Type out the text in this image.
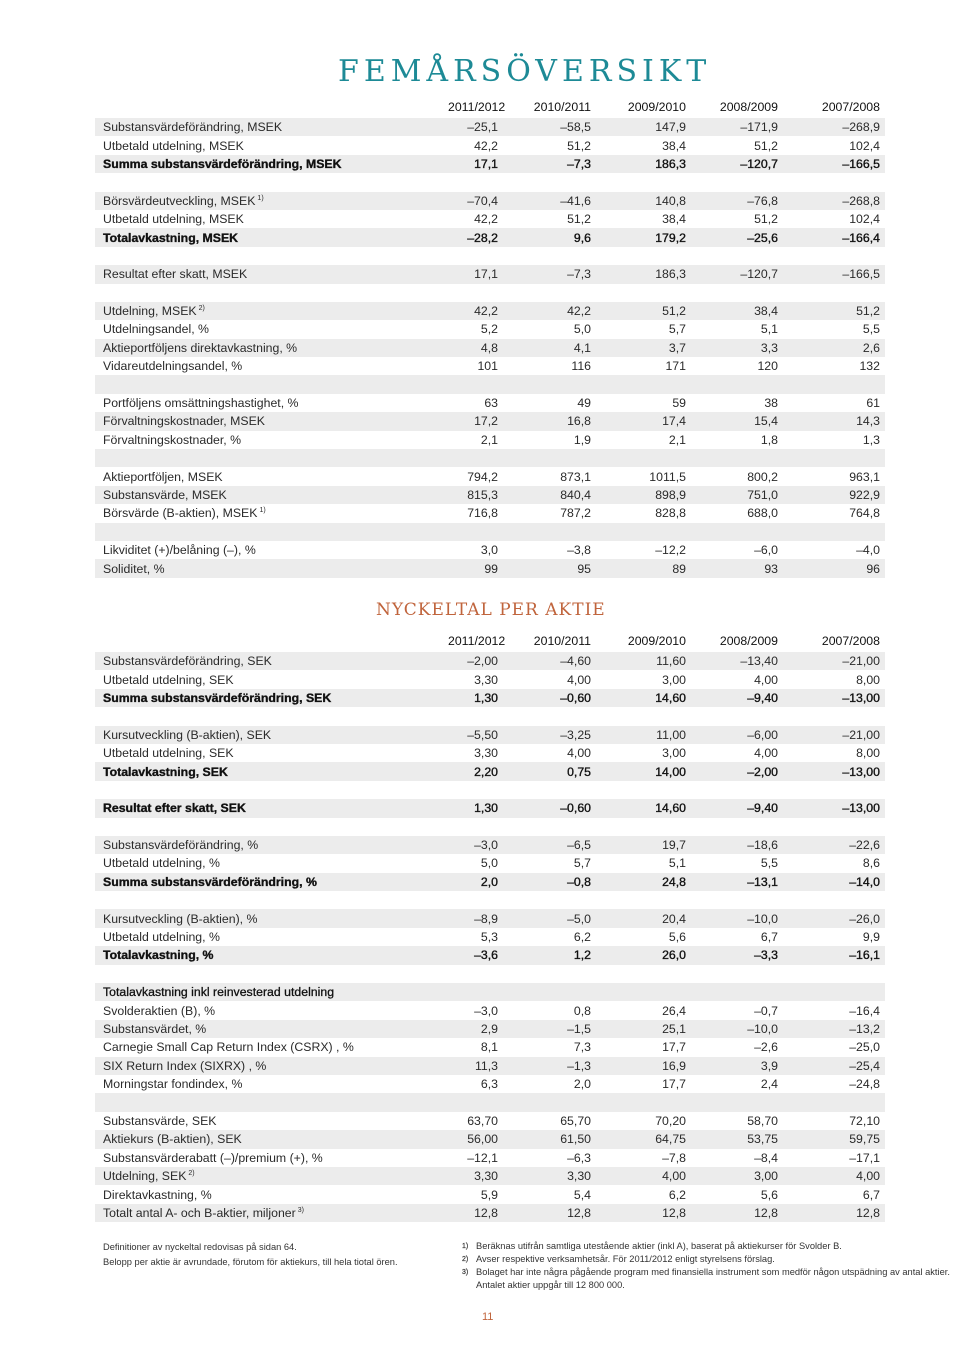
FEMÅRSÖVERSIKT
2011/2012	2010/2011	2009/2010	2008/2009	2007/2008
Substansvärdeförändring, MSEK	–25,1	–58,5	147,9	–171,9	–268,9
Utbetald utdelning, MSEK	42,2	51,2	38,4	51,2	102,4
Summa substansvärdeförändring, MSEK	17,1	–7,3	186,3	–120,7	–166,5
Börsvärdeutveckling, MSEK $^{1)}$	–70,4	–41,6	140,8	–76,8	–268,8
Utbetald utdelning, MSEK	42,2	51,2	38,4	51,2	102,4
Totalavkastning, MSEK	–28,2	9,6	179,2	–25,6	–166,4
Resultat efter skatt, MSEK	17,1	–7,3	186,3	–120,7	–166,5
Utdelning, MSEK $^{2)}$	42,2	42,2	51,2	38,4	51,2
Utdelningsandel, %	5,2	5,0	5,7	5,1	5,5
Aktieportföljens direktavkastning, %	4,8	4,1	3,7	3,3	2,6
Vidareutdelningsandel, %	101	116	171	120	132
Portföljens omsättningshastighet, %	63	49	59	38	61
Förvaltningskostnader, MSEK	17,2	16,8	17,4	15,4	14,3
Förvaltningskostnader, %	2,1	1,9	2,1	1,8	1,3
Aktieportföljen, MSEK	794,2	873,1	1011,5	800,2	963,1
Substansvärde, MSEK	815,3	840,4	898,9	751,0	922,9
Börsvärde (B-aktien), MSEK $^{1)}$	716,8	787,2	828,8	688,0	764,8
Likviditet (+)/belåning (–), %	3,0	–3,8	–12,2	–6,0	–4,0
Soliditet, %	99	95	89	93	96
NYCKELTAL PER AKTIE
2011/2012	2010/2011	2009/2010	2008/2009	2007/2008
Substansvärdeförändring, SEK	–2,00	–4,60	11,60	–13,40	–21,00
Utbetald utdelning, SEK	3,30	4,00	3,00	4,00	8,00
Summa substansvärdeförändring, SEK	1,30	–0,60	14,60	–9,40	–13,00
Kursutveckling (B-aktien), SEK	–5,50	–3,25	11,00	–6,00	–21,00
Utbetald utdelning, SEK	3,30	4,00	3,00	4,00	8,00
Totalavkastning, SEK	2,20	0,75	14,00	–2,00	–13,00
Resultat efter skatt, SEK	1,30	–0,60	14,60	–9,40	–13,00
Substansvärdeförändring, %	–3,0	–6,5	19,7	–18,6	–22,6
Utbetald utdelning, %	5,0	5,7	5,1	5,5	8,6
Summa substansvärdeförändring, %	2,0	–0,8	24,8	–13,1	–14,0
Kursutveckling (B-aktien), %	–8,9	–5,0	20,4	–10,0	–26,0
Utbetald utdelning, %	5,3	6,2	5,6	6,7	9,9
Totalavkastning, %	–3,6	1,2	26,0	–3,3	–16,1
Totalavkastning inkl reinvesterad utdelning
Svolderaktien (B), %	–3,0	0,8	26,4	–0,7	–16,4
Substansvärdet, %	2,9	–1,5	25,1	–10,0	–13,2
Carnegie Small Cap Return Index (CSRX) , %	8,1	7,3	17,7	–2,6	–25,0
SIX Return Index (SIXRX) , %	11,3	–1,3	16,9	3,9	–25,4
Morningstar fondindex, %	6,3	2,0	17,7	2,4	–24,8
Substansvärde, SEK	63,70	65,70	70,20	58,70	72,10
Aktiekurs (B-aktien), SEK	56,00	61,50	64,75	53,75	59,75
Substansvärderabatt (–)/premium (+), %	–12,1	–6,3	–7,8	–8,4	–17,1
Utdelning, SEK $^{2)}$	3,30	3,30	4,00	3,00	4,00
Direktavkastning, %	5,9	5,4	6,2	5,6	6,7
Totalt antal A- och B-aktier, miljoner $^{3)}$	12,8	12,8	12,8	12,8	12,8
Definitioner av nyckeltal redovisas på sidan 64.
Belopp per aktie är avrundade, förutom för aktiekurs, till hela tiotal ören.
1) Beräknas utifrån samtliga utestående aktier (inkl A), baserat på aktiekurser för Svolder B.
2) Avser respektive verksamhetsår. För 2011/2012 enligt styrelsens förslag.
3) Bolaget har inte några pågående program med finansiella instrument som medför någon utspädning av antal aktier.
Antalet aktier uppgår till 12 800 000.
11
